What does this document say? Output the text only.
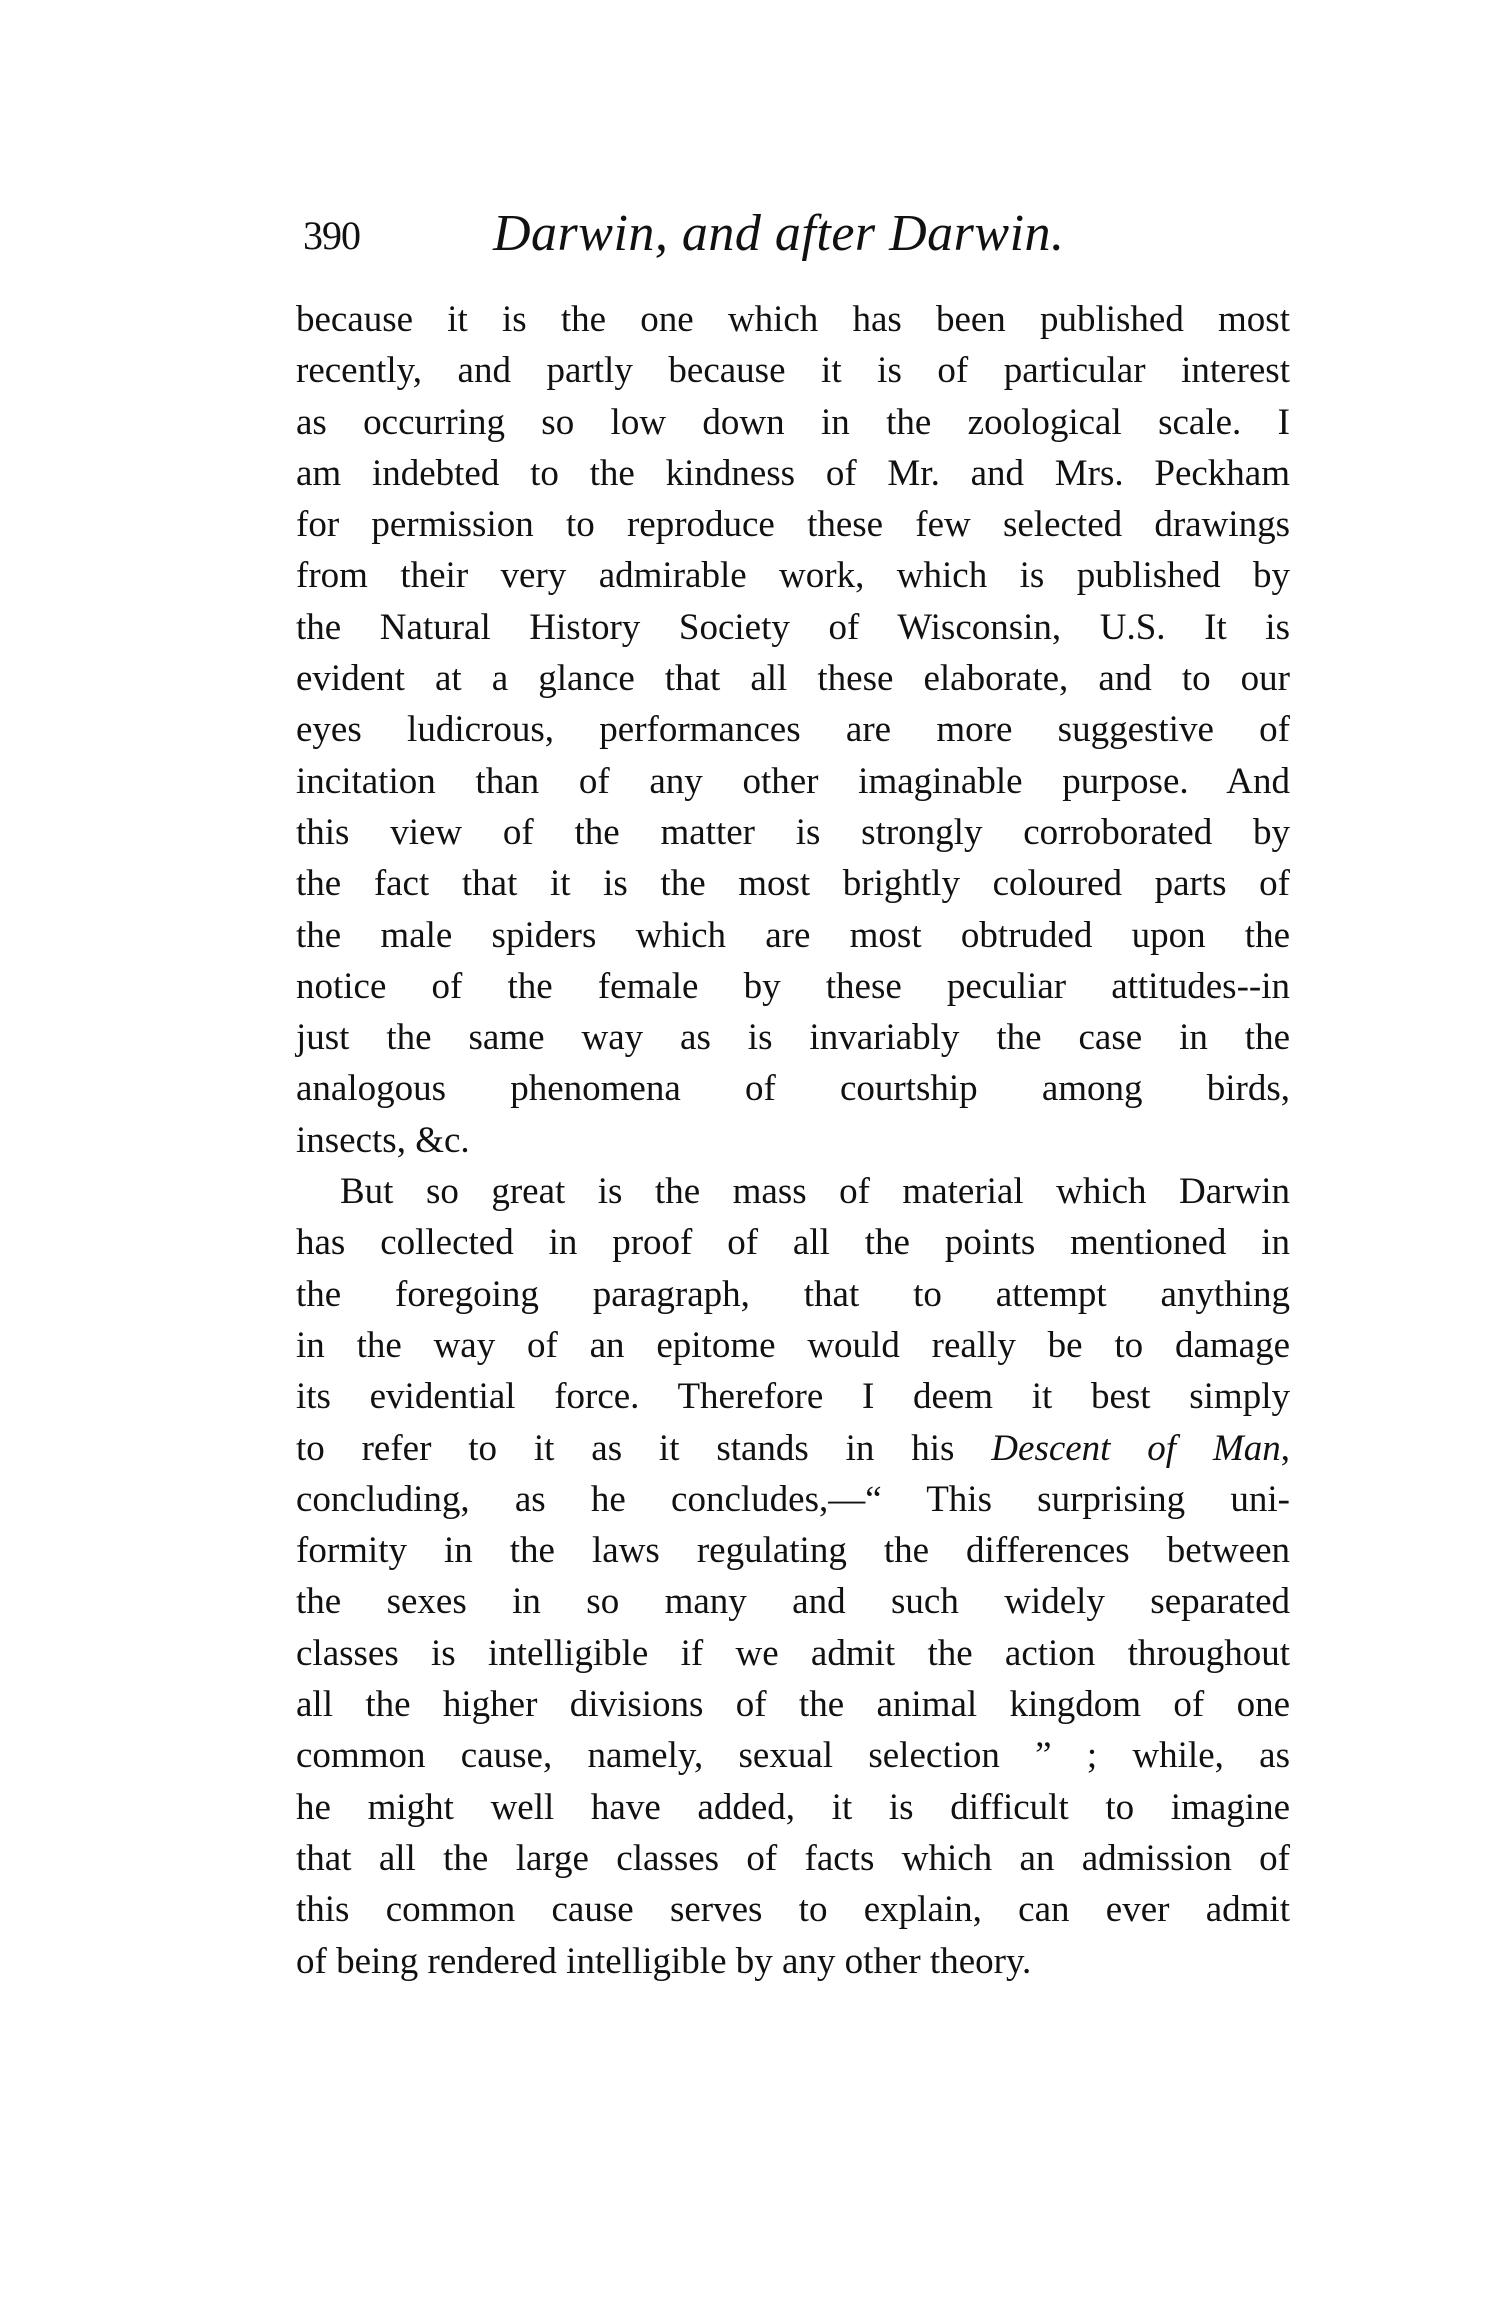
390	Darwin, and after Darwin.
because it is the one which has been published most
recently, and partly because it is of particular interest
as occurring so low down in the zoological scale. I
am indebted to the kindness of Mr. and Mrs. Peckham
for permission to reproduce these few selected drawings
from their very admirable work, which is published by
the Natural History Society of Wisconsin, U.S. It is
evident at a glance that all these elaborate, and to our
eyes ludicrous, performances are more suggestive of
incitation than of any other imaginable purpose. And
this view of the matter is strongly corroborated by
the fact that it is the most brightly coloured parts of
the male spiders which are most obtruded upon the
notice of the female by these peculiar attitudes--in
just the same way as is invariably the case in the
analogous phenomena of courtship among birds,
insects, &c.
But so great is the mass of material which Darwin
has collected in proof of all the points mentioned in
the foregoing paragraph, that to attempt anything
in the way of an epitome would really be to damage
its evidential force. Therefore I deem it best simply
to refer to it as it stands in his Descent of Man,
concluding, as he concludes,—“ This surprising uni-
formity in the laws regulating the differences between
the sexes in so many and such widely separated
classes is intelligible if we admit the action throughout
all the higher divisions of the animal kingdom of one
common cause, namely, sexual selection ” ; while, as
he might well have added, it is difficult to imagine
that all the large classes of facts which an admission of
this common cause serves to explain, can ever admit
of being rendered intelligible by any other theory.
